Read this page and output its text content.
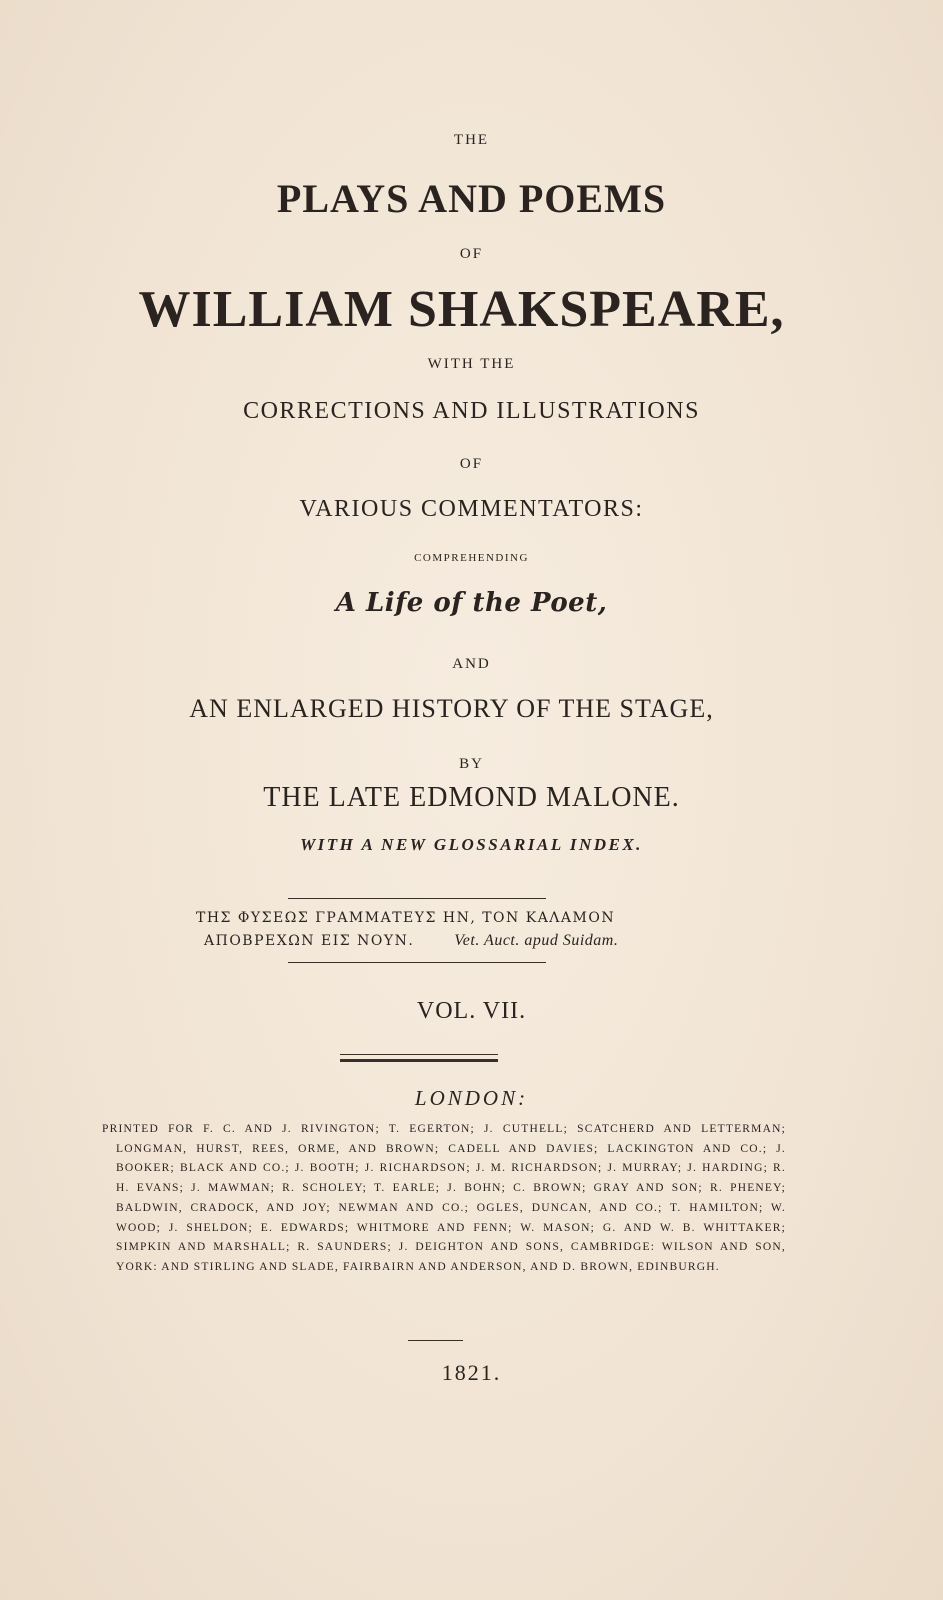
THE
PLAYS AND POEMS
OF
WILLIAM SHAKSPEARE,
WITH THE
CORRECTIONS AND ILLUSTRATIONS
OF
VARIOUS COMMENTATORS:
COMPREHENDING
A Life of the Poet,
AND
AN ENLARGED HISTORY OF THE STAGE,
BY
THE LATE EDMOND MALONE.
WITH A NEW GLOSSARIAL INDEX.
ΤΗΣ ΦΥΣΕΩΣ ΓΡΑΜΜΑΤΕΥΣ ΗΝ, ΤΟΝ ΚΑΛΑΜΟΝ
ΑΠΟΒΡΕΧΩΝ ΕΙΣ ΝΟΥΝ.	Vet. Auct. apud Suidam.
VOL. VII.
LONDON:
PRINTED FOR F. C. AND J. RIVINGTON; T. EGERTON; J. CUTHELL; SCATCHERD AND LETTERMAN; LONGMAN, HURST, REES, ORME, AND BROWN; CADELL AND DAVIES; LACKINGTON AND CO.; J. BOOKER; BLACK AND CO.; J. BOOTH; J. RICHARDSON; J. M. RICHARDSON; J. MURRAY; J. HARDING; R. H. EVANS; J. MAWMAN; R. SCHOLEY; T. EARLE; J. BOHN; C. BROWN; GRAY AND SON; R. PHENEY; BALDWIN, CRADOCK, AND JOY; NEWMAN AND CO.; OGLES, DUNCAN, AND CO.; T. HAMILTON; W. WOOD; J. SHELDON; E. EDWARDS; WHITMORE AND FENN; W. MASON; G. AND W. B. WHITTAKER; SIMPKIN AND MARSHALL; R. SAUNDERS; J. DEIGHTON AND SONS, CAMBRIDGE: WILSON AND SON, YORK: AND STIRLING AND SLADE, FAIRBAIRN AND ANDERSON, AND D. BROWN, EDINBURGH.
1821.
